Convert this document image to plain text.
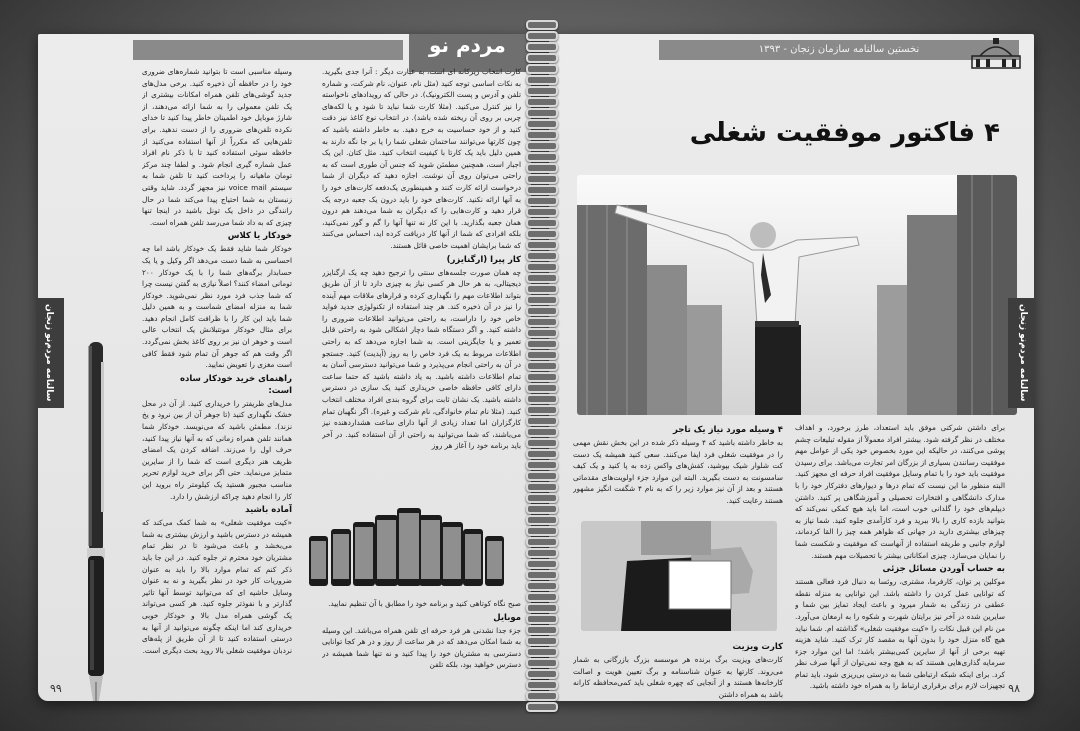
مردم نو
سالنامه مردم‌نو زنجان

وسیله مناسبی است تا بتوانید شماره‌های ضروری خود را در حافظه آن ذخیره کنید. برخی مدل‌های جدید گوشی‌های تلفن همراه امکانات بیشتری از یک تلفن معمولی را به شما ارائه می‌دهند، از شارژ موبایل خود اطمینان خاطر پیدا کنید تا خدای نکرده تلفن‌های ضروری را از دست ندهید. برای تلفن‌هایی که مکرراً از آنها استفاده می‌کنید از حافظه سوئی استفاده کنید تا با ذکر نام افراد عمل شماره گیری انجام شود. و لطفا چند مرکز تومان ماهیانه را پرداخت کنید تا تلفن شما به سیستم voice mail نیز مجهز گردد. شاید وقتی زنبستان به شما احتیاج پیدا می‌کند شما در حال رانندگی در داخل یک تونل باشید در اینجا تنها چیزی که به داد شما می‌رسد تلفن همراه است.

خودکار یا کلاس

خودکار شما شاید فقط یک خودکار باشد اما چه احساسی به شما دست می‌دهد اگر وکیل و یا یک حسابدار برگه‌های شما را با یک خودکار ۲۰۰ تومانی امضاء کنند؟ اصلاً نیازی به گفتن نیست چرا که شما جذب فرد مورد نظر نمی‌شوید. خودکار شما به منزله امضای شماست و به همین دلیل شما باید این کار را با ظرافت کامل انجام دهید. برای مثال خودکار مونتبلانش یک انتخاب عالی است و خوهر ان نیز بر روی کاغذ بخش نمی‌گردد. اگر وقت هم که جوهر آن تمام شود فقط کافی است مغزی را تعویض نمایید.

راهنمای خرید خودکار ساده
است:

مدل‌های ظریفتر را خریداری کنید. از آن در محل خشک نگهداری کنید (تا جوهر آن از بین نرود و یخ نزند). مطمئن باشید که می‌نویسد. خودکار شما همانند تلفن همراه زمانی که به آنها نیاز پیدا کنید، حرف اول را می‌زند. اضافه کردن یک امضای ظریف هنر دیگری است که شما را از سایرین متمایز می‌نماید. حتی اگر برای خرید لوازم تحریر مناسب مجبور هستید یک کیلومتر راه بروید این کار را انجام دهید چراکه ارزشش را دارد.

آماده باشید

«کیت موفقیت شغلی» به شما کمک می‌کند که همیشه در دسترس باشید و ارزش بیشتری به شما می‌بخشد و باعث می‌شود تا در نظر تمام مشتریان خود محترم تر جلوه کنید. در این جا باید ذکر کنم که تمام موارد بالا را باید به عنوان ضروریات کار خود در نظر بگیرید و نه به عنوان وسایل حاشیه ای که می‌توانید توسط آنها تاثیر گذارتر و با نفوذتر جلوه کنید. هر کسی می‌تواند یک گوشی همراه مدل بالا و خودکار خوبی خریداری کند اما اینکه چگونه می‌توانید از آنها به درستی استفاده کنید تا از آن طریق از پله‌های نردبان موفقیت شغلی بالا روید بحث دیگری است.

کارت انتخاب زیرکانه ای است، به عبارت دیگر : آنرا جدی بگیرید. به نکات اساسی توجه کنید (مثل نام، عنوان، نام شرکت، و شماره تلفن و آدرس و پست الکترونیک). در حالی که رویدادهای ناخواسته را نیز کنترل می‌کنید. (مثلا کارت شما نباید تا شود و یا لکه‌های چربی بر روی آن ریخته شده باشد). در انتخاب نوع کاغذ نیز دقت کنید و از خود حساسیت به خرج دهید. به خاطر داشته باشید که چون کارتها می‌توانند ساختمان شغلی شما را یا بر جا نگه دارند به همین دلیل باید یک کارتا با کیفیت انتخاب کنید. مثل کتان. این یک اجبار است، همچنین مطمئن شوید که جنس آن طوری است که به راحتی می‌توان روی آن نوشت. اجازه دهید که دیگران از شما درخواست ارائه کارت کنند و همینطوری یک‌دفعه کارت‌های خود را به آنها ارائه نکنید. کارت‌های خود را باید درون یک جعبه درجه یک قرار دهید و کارت‌هایی را که دیگران به شما می‌دهند هم درون همان جعبه بگذارید. با این کار نه تنها آنها را گم و گور نمی‌کنید، بلکه افرادی که شما از آنها کار دریافت کرده اید، احساس می‌کنند که شما برایشان اهمیت خاصی قائل هستند.

کار پیرا (ارگنایزر)

چه همان صورت جلسه‌های سنتی را ترجیح دهید چه یک ارگنایزر دیجیتالی، به هر حال هر کسی نیاز به چیزی دارد تا از آن طریق بتواند اطلاعات مهم را نگهداری کرده و قرارهای ملاقات مهم آینده را نیز در آن ذخیره کند. هر چند استفاده از تکنولوژی جدید فواید خاص خود را داراست، به راحتی می‌توانید اطلاعات ضروری را داشته کنید. و اگر دستگاه شما دچار اشکالی شود به راحتی قابل تعمیر و یا جایگزینی است. به شما اجازه می‌دهد که به راحتی اطلاعات مربوط به یک فرد خاص را به روز (آپدیت) کنید. جستجو در آن به راحتی انجام می‌پذیرد و شما می‌توانید دسترسی آسان به تمام اطلاعات داشته باشید. به یاد داشته باشید که حتما ساعت دارای کافی حافظه خاصی خریداری کنید یک سازی در دسترس داشته باشید. یک نشان ثابت برای گروه بندی افراد مختلف انتخاب کنید. (مثلا نام تمام خانوادگی، نام شرکت و غیره). اگر نگهبان تمام کارگزاران اما تعداد زیادی از آنها دارای ساعت هشداردهنده نیز می‌باشند، که شما می‌توانید به راحتی از آن استفاده کنید. در آخر باید برنامه خود را آغاز هر روز

صبح نگاه کوتاهی کنید و برنامه خود را مطابق با آن تنظیم نمایید.

موبایل

جزء جدا نشدنی هر فرد حرفه ای تلفن همراه می‌باشد. این وسیله به شما امکان می‌دهد که در هر ساعت از روز و در هر کجا توانایی دسترسی به مشتریان خود را پیدا کنید و نه تنها شما همیشه در دسترس خواهید بود، بلکه تلفن

۹۹
نخستین سالنامه سازمان زنجان - ۱۳۹۳
۴ فاکتور موفقیت شغلی
۴ وسیله مورد نیاز یک تاجر

به خاطر داشته باشید که ۴ وسیله ذکر شده در این بخش نقش مهمی را در موفقیت شغلی فرد ایفا می‌کنند. سعی کنید همیشه یک دست کت شلوار شیک بپوشید، کفش‌های واکس زده به پا کنید و یک کیف سامسونت به دست بگیرید. البته این موارد جزء اولویت‌های مقدماتی هستند و بعد از آن نیز موارد زیر را که به نام ۴ شگفت انگیز مشهور هستند رعایت کنید.

کارت ویزیت

کارت‌های ویزیت برگ برنده هر موسسه بزرگ بازرگانی به شمار می‌روند. کارتها به عنوان شناسنامه و برگ تعیین هویت و اصالت کارخانه‌ها هستند و از آنجایی که چهره شغلی باید کمی‌محافظه کارانه باشد به همراه داشتن

برای داشتن شرکتی موفق باید استعداد، طرز برخورد، و اهداف مختلف در نظر گرفته شود. بیشتر افراد معمولاً از مقوله تبلیغات چشم پوشی می‌کنند، در حالیکه این مورد بخصوص خود یکی از عوامل مهم موفقیت رسانندن بسیاری از بزرگان امر تجارت می‌باشد. برای رسیدن موفقیت باید خود را با تمام وسایل موفقیت افراد حرفه ای مجهز کنید. البته منظور ما این نیست که تمام درها و دیوارهای دفترکار خود را با مدارک دانشگاهی و افتخارات تحصیلی و آموزشگاهی پر کنید. داشتن دیپلم‌های خود را گلدانی خوب است، اما باید هیچ کمکی نمی‌کند که بتوانید بازده کاری را بالا ببرید و فرد کارآمدی جلوه کنید. شما نیاز به چیزهای بیشتری دارید در جهانی که ظواهر همه چیز را القا کردماند، لوازم جانبی و طریقه استفاده از آنهاست که موفقیت و شکست شما را نمایان می‌سازد. چیزی امکاناتی بیشتر با تحصیلات مهم هستند.

به حساب آوردن مسائل جزئی

موکلین پر توان، کارفرما، مشتری، روئسا به دنبال فرد فعالی هستند که توانایی عمل کردن را داشته باشد. این توانایی به منزله نقطه عطفی در زندگی به شمار میرود و باعث ایجاد تمایز بین شما و سایرین شده در آخر نیز برایتان شهرت و شکوه را به ارمغان می‌آورد. من نام این قبیل نکات را «کیت موفقیت شغلی» گذاشته ام. شما نباید هیچ گاه منزل خود را بدون آنها به مقصد کار ترک کنید. شاید هزینه تهیه برخی از آنها از سایرین کمی‌بیشتر باشد؛ اما این موارد جزء سرمایه گذاری‌هایی هستند که به هیچ وجه نمی‌توان از آنها صرف نظر کرد. برای اینکه شبکه ارتباطی شما به درستی بی‌ریزی شود، باید تمام تجهیزات لازم برای برقراری ارتباط را به همراه خود داشته باشید.

سالنامه مردم‌نو زنجان
۹۸
